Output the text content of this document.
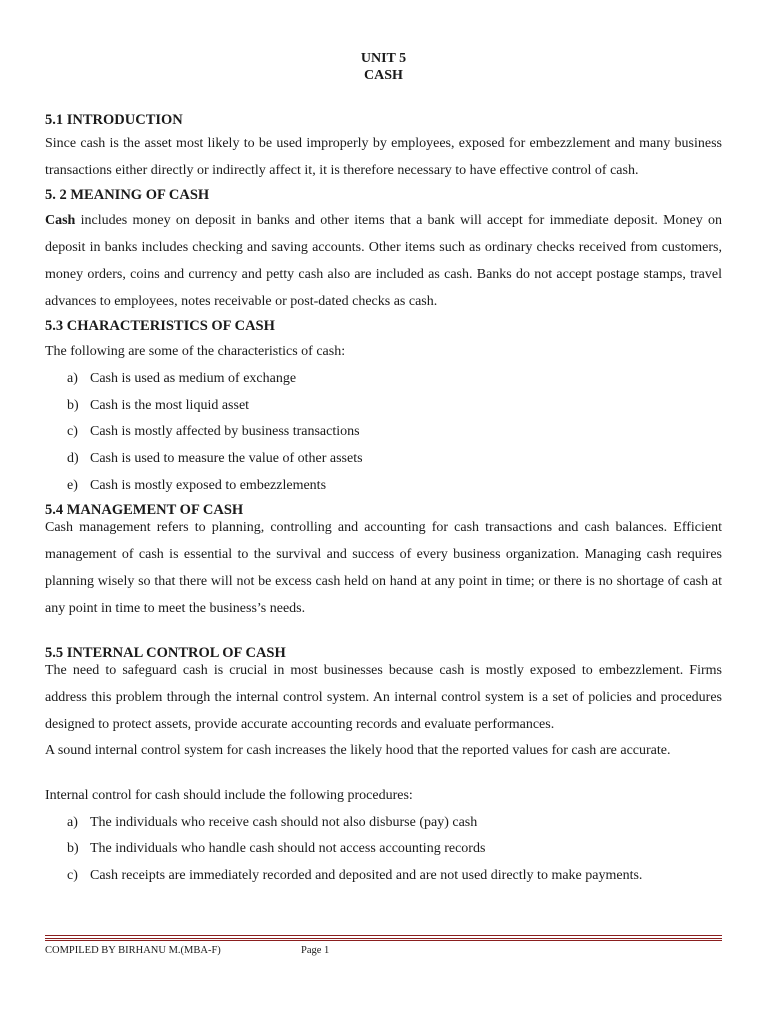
UNIT 5

CASH

5.1 INTRODUCTION

Since cash is the asset most likely to be used improperly by employees, exposed for embezzlement and many business transactions either directly or indirectly affect it, it is therefore necessary to have effective control of cash.

5. 2 MEANING OF CASH

Cash includes money on deposit in banks and other items that a bank will accept for immediate deposit. Money on deposit in banks includes checking and saving accounts. Other items such as ordinary checks received from customers, money orders, coins and currency and petty cash also are included as cash. Banks do not accept postage stamps, travel advances to employees, notes receivable or post-dated checks as cash.

5.3 CHARACTERISTICS OF CASH

The following are some of the characteristics of cash:

a) Cash is used as medium of exchange
b) Cash is the most liquid asset
c) Cash is mostly affected by business transactions
d) Cash is used to measure the value of other assets
e) Cash is mostly exposed to embezzlements

5.4 MANAGEMENT OF CASH

Cash management refers to planning, controlling and accounting for cash transactions and cash balances. Efficient management of cash is essential to the survival and success of every business organization. Managing cash requires planning wisely so that there will not be excess cash held on hand at any point in time; or there is no shortage of cash at any point in time to meet the business’s needs.

5.5 INTERNAL CONTROL OF CASH

The need to safeguard cash is crucial in most businesses because cash is mostly exposed to embezzlement. Firms address this problem through the internal control system. An internal control system is a set of policies and procedures designed to protect assets, provide accurate accounting records and evaluate performances.

A sound internal control system for cash increases the likely hood that the reported values for cash are accurate.

Internal control for cash should include the following procedures:

a) The individuals who receive cash should not also disburse (pay) cash
b) The individuals who handle cash should not access accounting records
c) Cash receipts are immediately recorded and deposited and are not used directly to make payments.
COMPILED BY BIRHANU M.(MBA-F)	Page 1
